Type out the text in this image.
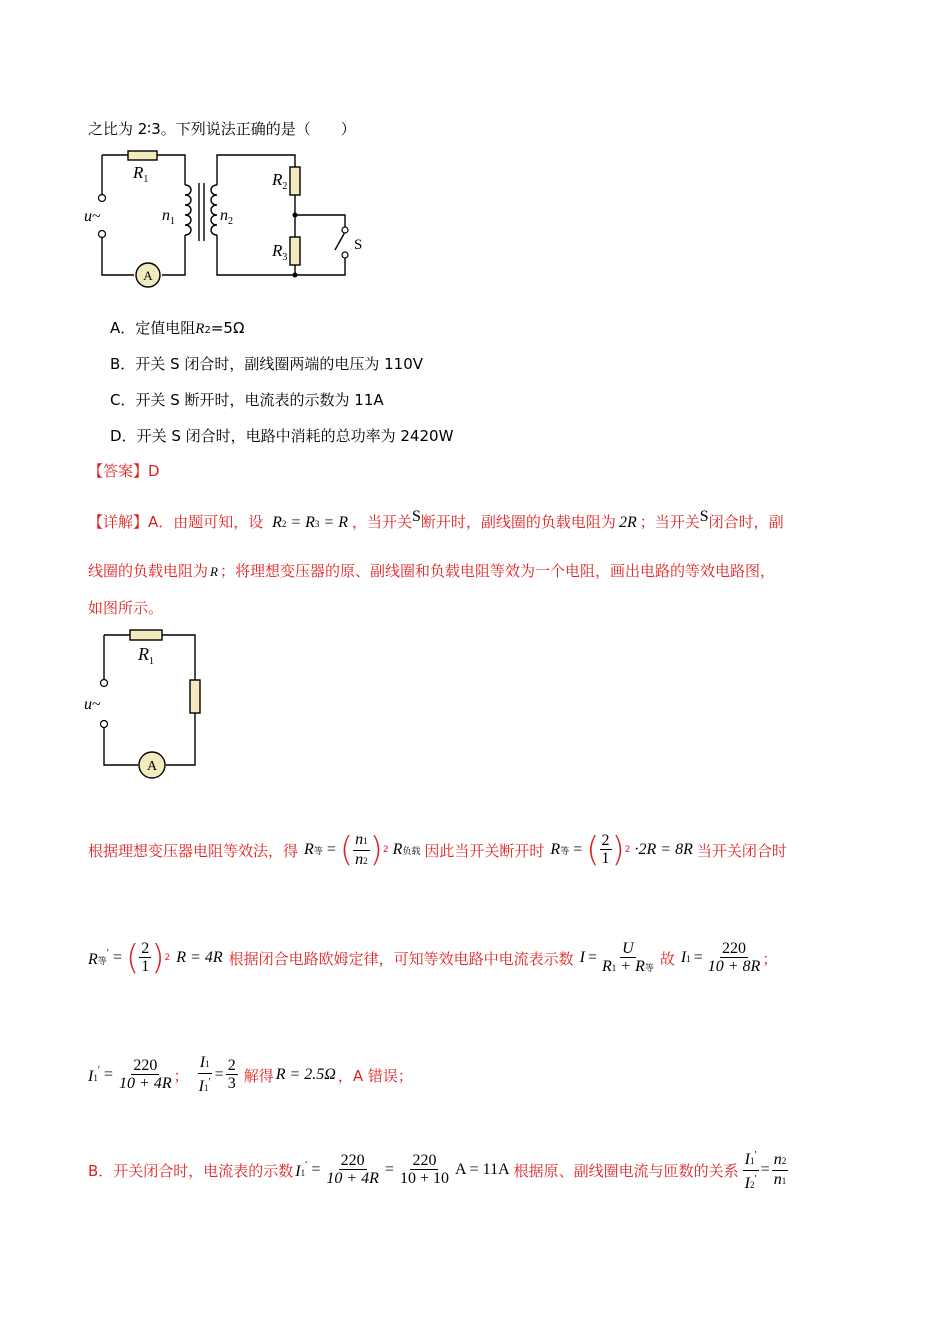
之比为 2∶3。下列说法正确的是（　　）
A
$R_1$	$R_2$
$R_3$
$n_1$	$n_2$
u~
S
A．定值电阻R2=5Ω
B．开关 S 闭合时，副线圈两端的电压为 110V
C．开关 S 断开时，电流表的示数为 11A
D．开关 S 闭合时，电路中消耗的总功率为 2420W
【答案】D
【详解】A．由题可知，设 R2 = R3 = R ，当开关S断开时，副线圈的负载电阻为 2R ；当开关S闭合时，副
线圈的负载电阻为 R ；将理想变压器的原、副线圈和负载电阻等效为一个电阻，画出电路的等效电路图，
如图所示。
A
$R_1$
u~
根据理想变压器电阻等效法，得 R等 = ( $\frac{n1}{n2}$ ) 2 R负载 因此当开关断开时 R等 = ( $\frac{2}{1}$ ) 2 ·2R = 8R 当开关闭合时
R等′ = ( $\frac{2}{1}$ ) 2 R = 4R 根据闭合电路欧姆定律，可知等效电路中电流表示数 $I = \frac{U}{\text{R1 + R等}}$ 故 $I1 = \frac{220}{10 + 8R}$ ；
$I1' = \frac{220}{10 + 4R}$ ； $\frac{I1}{I1'} = \frac{2}{3}$ 解得 R = 2.5Ω ， A 错误；
B．开关闭合时，电流表的示数 $I1' = \frac{220}{10 + 4R} = \frac{220}{10 + 10}$ A = 11A 根据原、副线圈电流与匝数的关系 $\frac{I1'}{I2'} = \frac{n2}{n1}$
